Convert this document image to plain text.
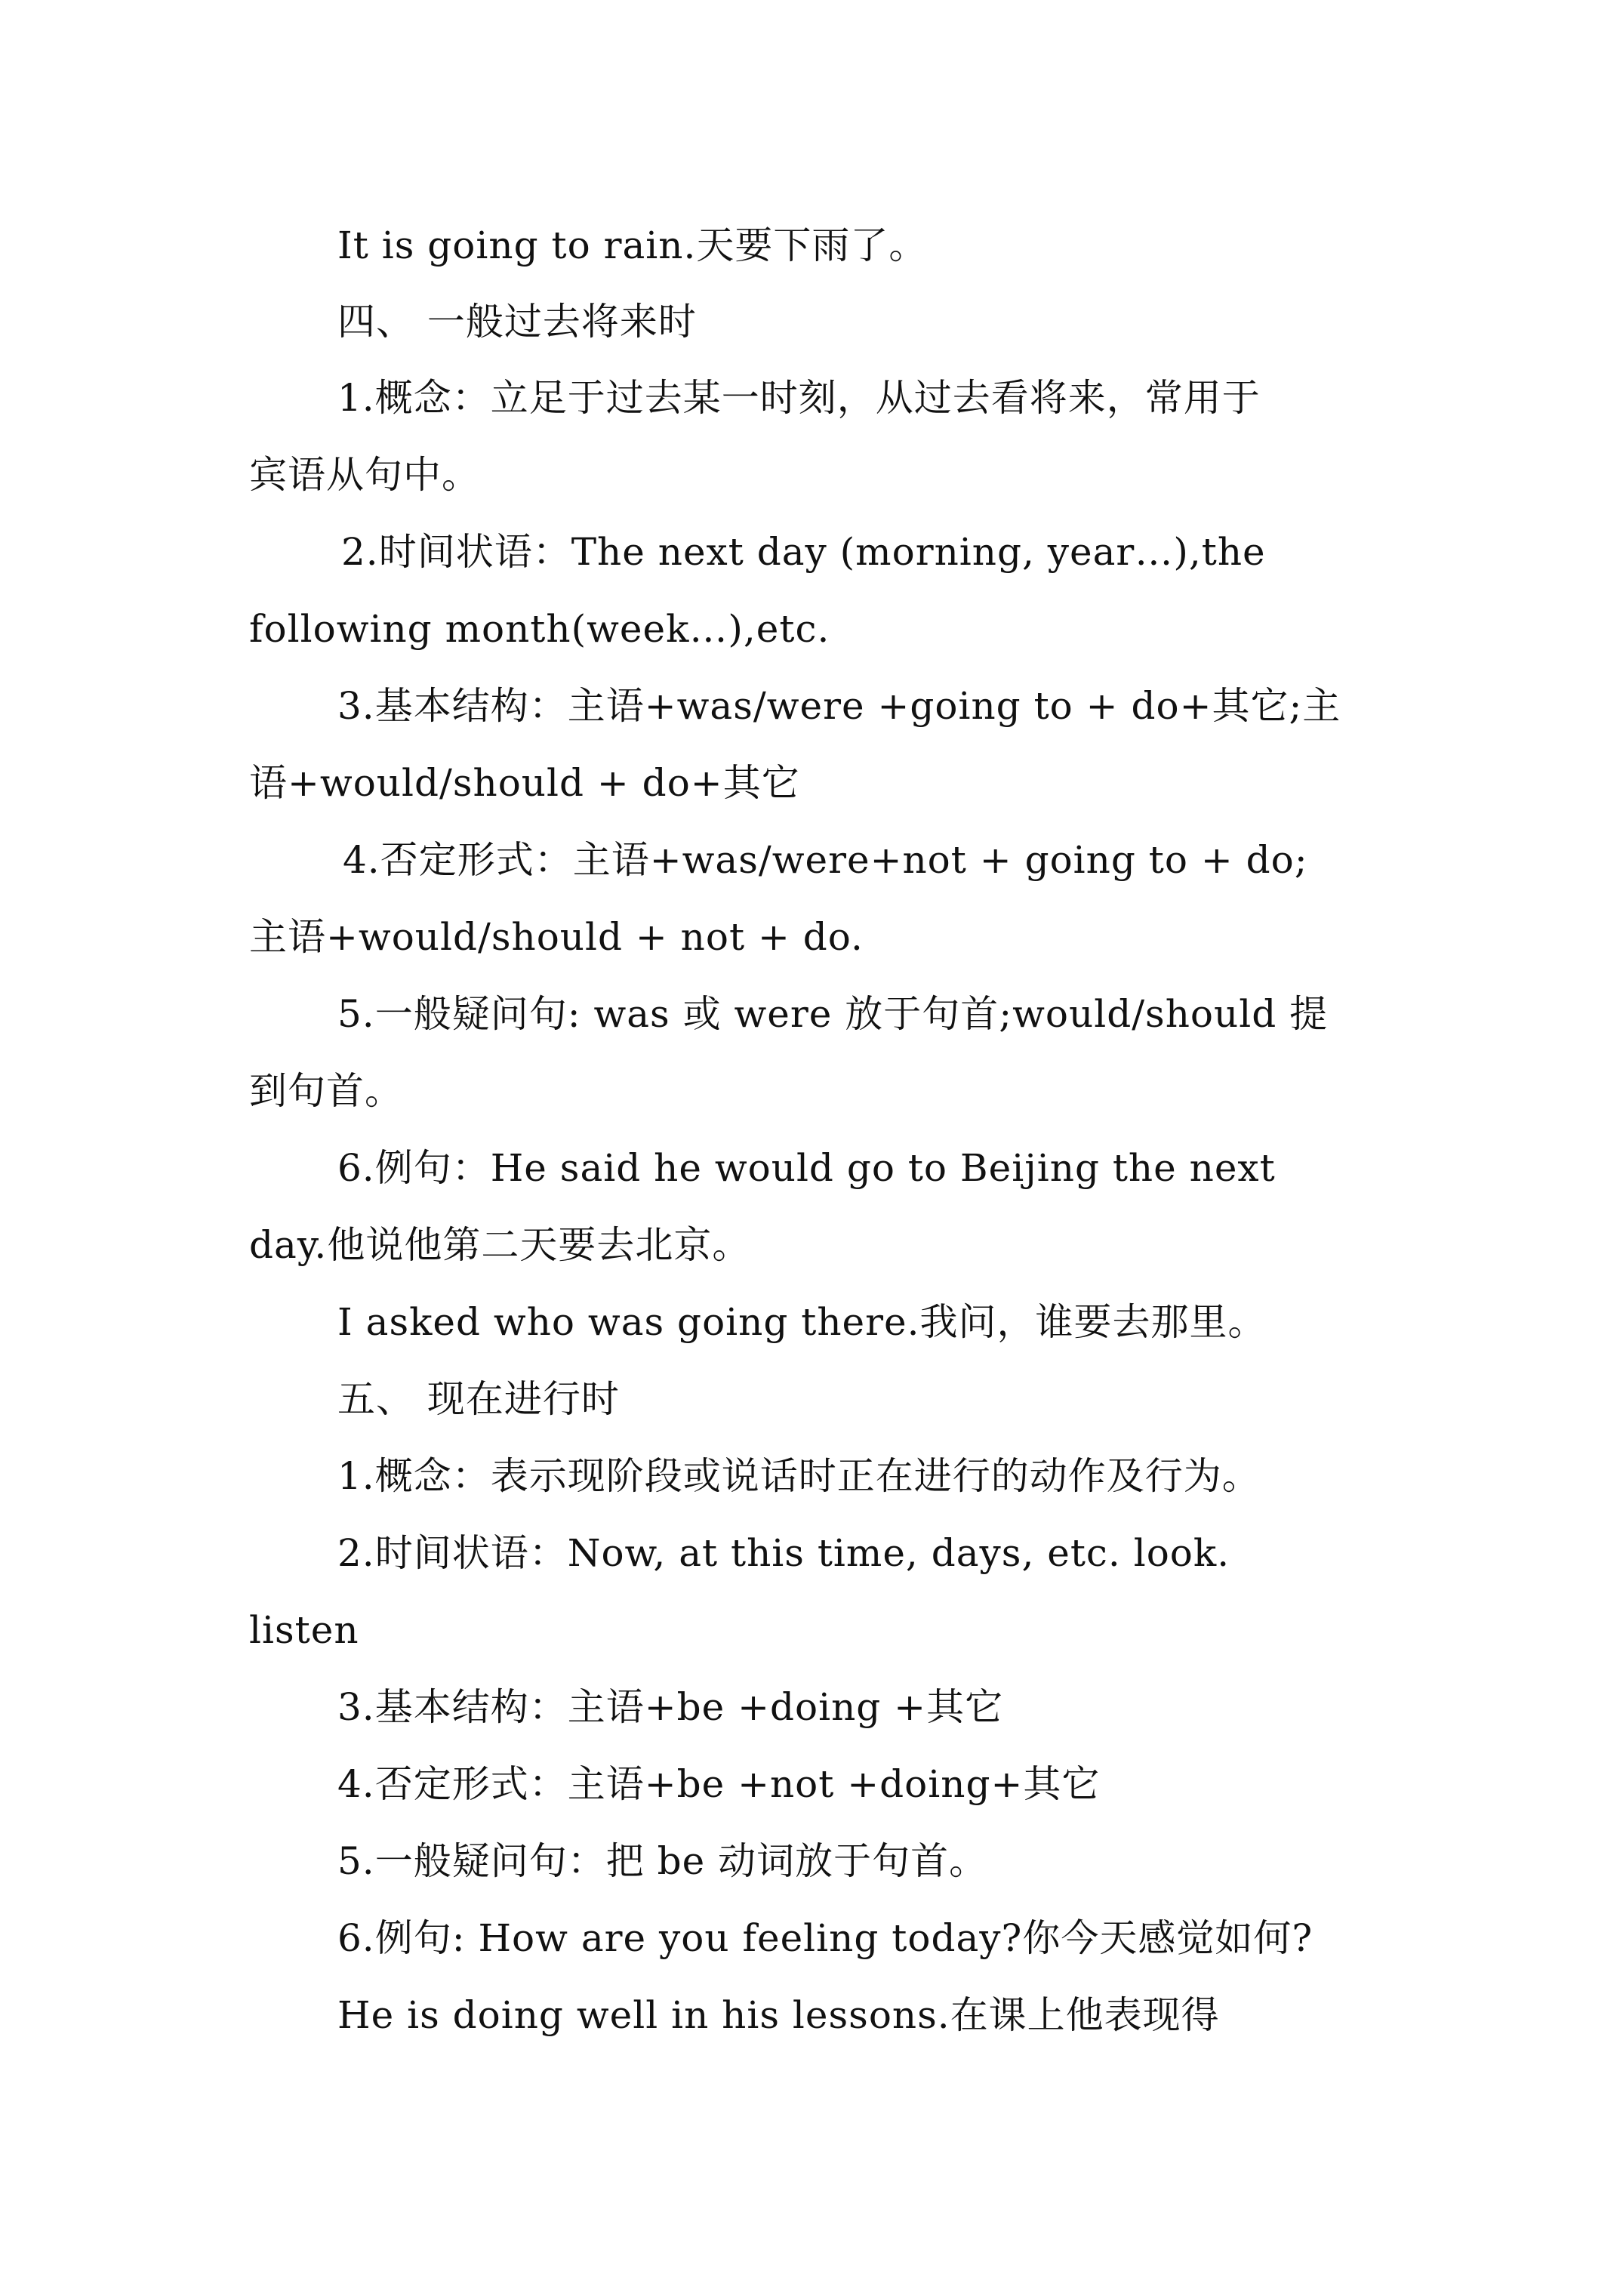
It is going to rain.天要下雨了。
四、 一般过去将来时
1.概念：立足于过去某一时刻，从过去看将来，常用于
宾语从句中。
2.时间状语：The next day (morning, year…),the
following month(week…),etc.
3.基本结构：主语+was/were +going to + do+其它;主
语+would/should + do+其它
4.否定形式：主语+was/were+not + going to + do;
主语+would/should + not + do.
5.一般疑问句: was 或 were 放于句首;would/should 提
到句首。
6.例句：He said he would go to Beijing the next
day.他说他第二天要去北京。
I asked who was going there.我问，谁要去那里。
五、 现在进行时
1.概念：表示现阶段或说话时正在进行的动作及行为。
2.时间状语：Now, at this time, days, etc. look.
listen
3.基本结构：主语+be +doing +其它
4.否定形式：主语+be +not +doing+其它
5.一般疑问句：把 be 动词放于句首。
6.例句: How are you feeling today?你今天感觉如何?
He is doing well in his lessons.在课上他表现得
